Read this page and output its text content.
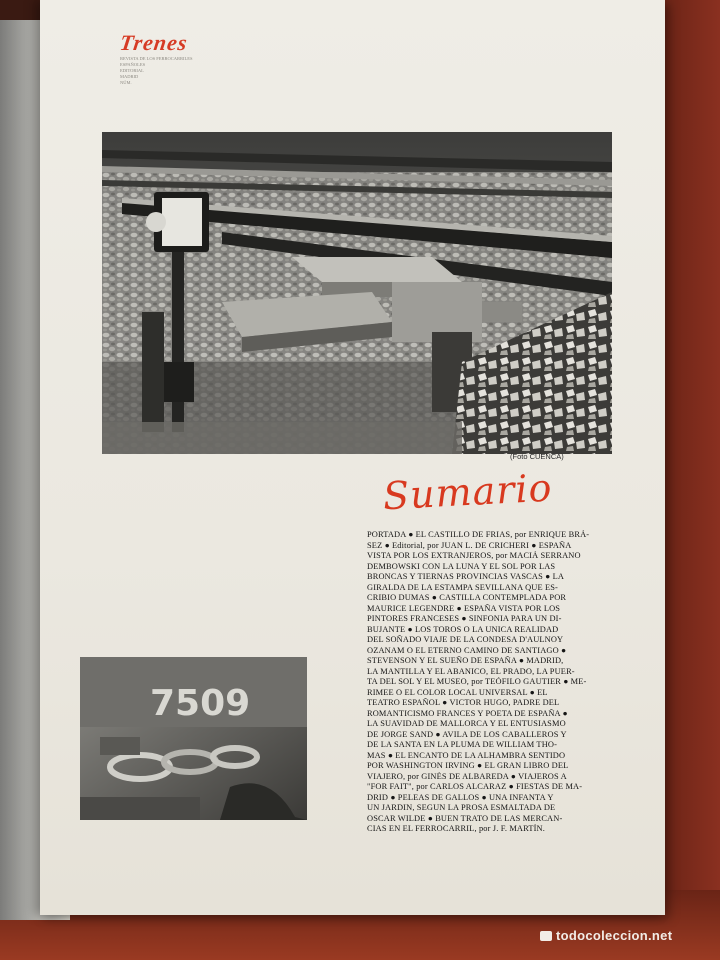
Trenes
REVISTA DE LOS FERROCARRILES
ESPAÑOLES
EDITORIAL
MADRID
NÚM.
(Foto CUENCA)
Sumario
PORTADA ● EL CASTILLO DE FRIAS, por ENRIQUE BRÁ-
SEZ ● Editorial, por JUAN L. DE CRICHERI ● ESPAÑA
VISTA POR LOS EXTRANJEROS, por MACIÁ SERRANO
DEMBOWSKI CON LA LUNA Y EL SOL POR LAS
BRONCAS Y TIERNAS PROVINCIAS VASCAS ● LA
GIRALDA DE LA ESTAMPA SEVILLANA QUE ES-
CRIBIO DUMAS ● CASTILLA CONTEMPLADA POR
MAURICE LEGENDRE ● ESPAÑA VISTA POR LOS
PINTORES FRANCESES ● SINFONIA PARA UN DI-
BUJANTE ● LOS TOROS O LA UNICA REALIDAD
DEL SOÑADO VIAJE DE LA CONDESA D'AULNOY
OZANAM O EL ETERNO CAMINO DE SANTIAGO ●
STEVENSON Y EL SUEÑO DE ESPAÑA ● MADRID,
LA MANTILLA Y EL ABANICO, EL PRADO, LA PUER-
TA DEL SOL Y EL MUSEO, por TEÓFILO GAUTIER ● ME-
RIMEE O EL COLOR LOCAL UNIVERSAL ● EL
TEATRO ESPAÑOL ● VICTOR HUGO, PADRE DEL
ROMANTICISMO FRANCES Y POETA DE ESPAÑA ●
LA SUAVIDAD DE MALLORCA Y EL ENTUSIASMO
DE JORGE SAND ● AVILA DE LOS CABALLEROS Y
DE LA SANTA EN LA PLUMA DE WILLIAM THO-
MAS ● EL ENCANTO DE LA ALHAMBRA SENTIDO
POR WASHINGTON IRVING ● EL GRAN LIBRO DEL
VIAJERO, por GINÉS DE ALBAREDA ● VIAJEROS A
"FOR FAIT", por CARLOS ALCARAZ ● FIESTAS DE MA-
DRID ● PELEAS DE GALLOS ● UNA INFANTA Y
UN JARDIN, SEGUN LA PROSA ESMALTADA DE
OSCAR WILDE ● BUEN TRATO DE LAS MERCAN-
CIAS EN EL FERROCARRIL, por J. F. MARTÍN.
7509
todocoleccion.net
